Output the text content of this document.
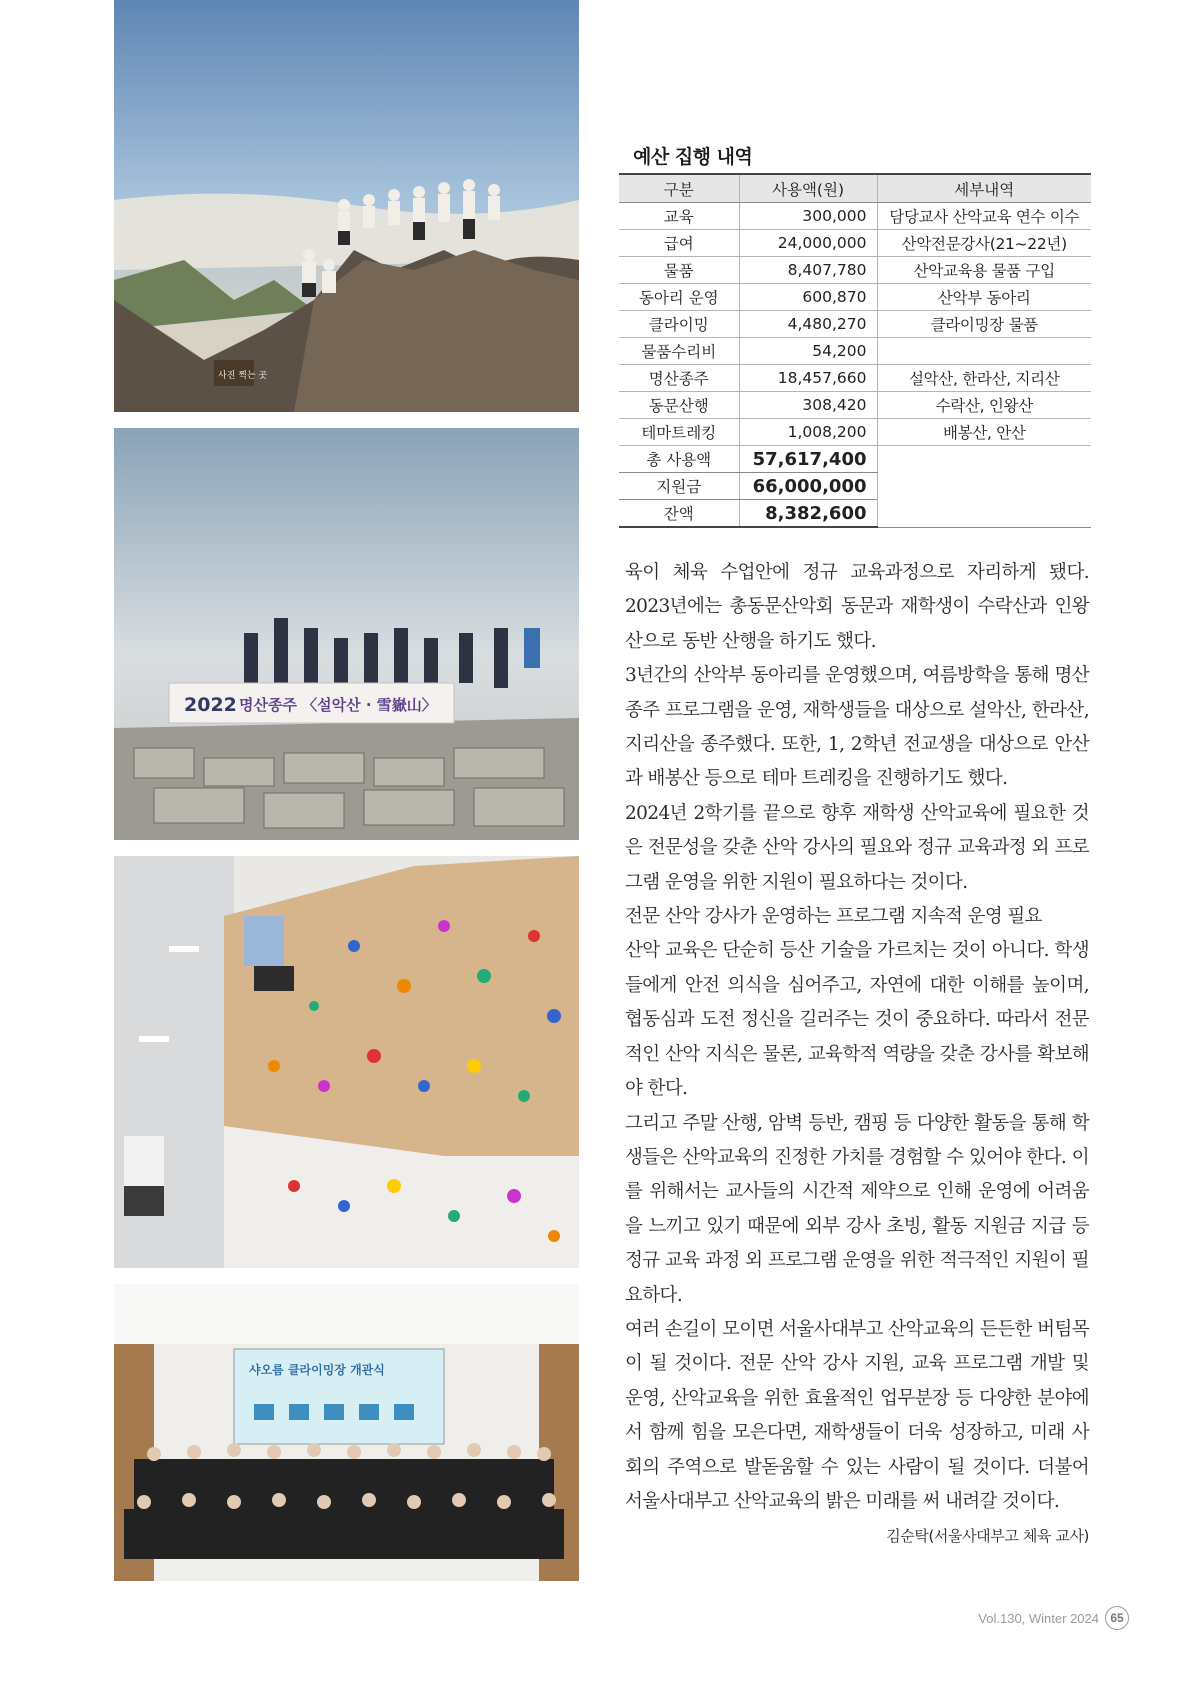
사진 찍는 곳
2022 명산종주 〈설악산 · 雪嶽山〉
샤오름 클라이밍장 개관식
예산 집행 내역
구분	사용액(원)	세부내역
교육	300,000	담당교사 산악교육 연수 이수
급여	24,000,000	산악전문강사(21~22년)
물품	8,407,780	산악교육용 물품 구입
동아리 운영	600,870	산악부 동아리
클라이밍	4,480,270	클라이밍장 물품
물품수리비	54,200	
명산종주	18,457,660	설악산, 한라산, 지리산
동문산행	308,420	수락산, 인왕산
테마트레킹	1,008,200	배봉산, 안산
총 사용액	57,617,400	
지원금	66,000,000	
잔액	8,382,600	

육이 체육 수업안에 정규 교육과정으로 자리하게 됐다. 2023년에는 총동문산악회 동문과 재학생이 수락산과 인왕산으로 동반 산행을 하기도 했다.

3년간의 산악부 동아리를 운영했으며, 여름방학을 통해 명산종주 프로그램을 운영, 재학생들을 대상으로 설악산, 한라산, 지리산을 종주했다. 또한, 1, 2학년 전교생을 대상으로 안산과 배봉산 등으로 테마 트레킹을 진행하기도 했다.

2024년 2학기를 끝으로 향후 재학생 산악교육에 필요한 것은 전문성을 갖춘 산악 강사의 필요와 정규 교육과정 외 프로그램 운영을 위한 지원이 필요하다는 것이다.

전문 산악 강사가 운영하는 프로그램 지속적 운영 필요

산악 교육은 단순히 등산 기술을 가르치는 것이 아니다. 학생들에게 안전 의식을 심어주고, 자연에 대한 이해를 높이며, 협동심과 도전 정신을 길러주는 것이 중요하다. 따라서 전문적인 산악 지식은 물론, 교육학적 역량을 갖춘 강사를 확보해야 한다.

그리고 주말 산행, 암벽 등반, 캠핑 등 다양한 활동을 통해 학생들은 산악교육의 진정한 가치를 경험할 수 있어야 한다. 이를 위해서는 교사들의 시간적 제약으로 인해 운영에 어려움을 느끼고 있기 때문에 외부 강사 초빙, 활동 지원금 지급 등 정규 교육 과정 외 프로그램 운영을 위한 적극적인 지원이 필요하다.

여러 손길이 모이면 서울사대부고 산악교육의 든든한 버팀목이 될 것이다. 전문 산악 강사 지원, 교육 프로그램 개발 및 운영, 산악교육을 위한 효율적인 업무분장 등 다양한 분야에서 함께 힘을 모은다면, 재학생들이 더욱 성장하고, 미래 사회의 주역으로 발돋움할 수 있는 사람이 될 것이다. 더불어 서울사대부고 산악교육의 밝은 미래를 써 내려갈 것이다.
김순탁(서울사대부고 체육 교사)

Vol.130, Winter 2024 65
